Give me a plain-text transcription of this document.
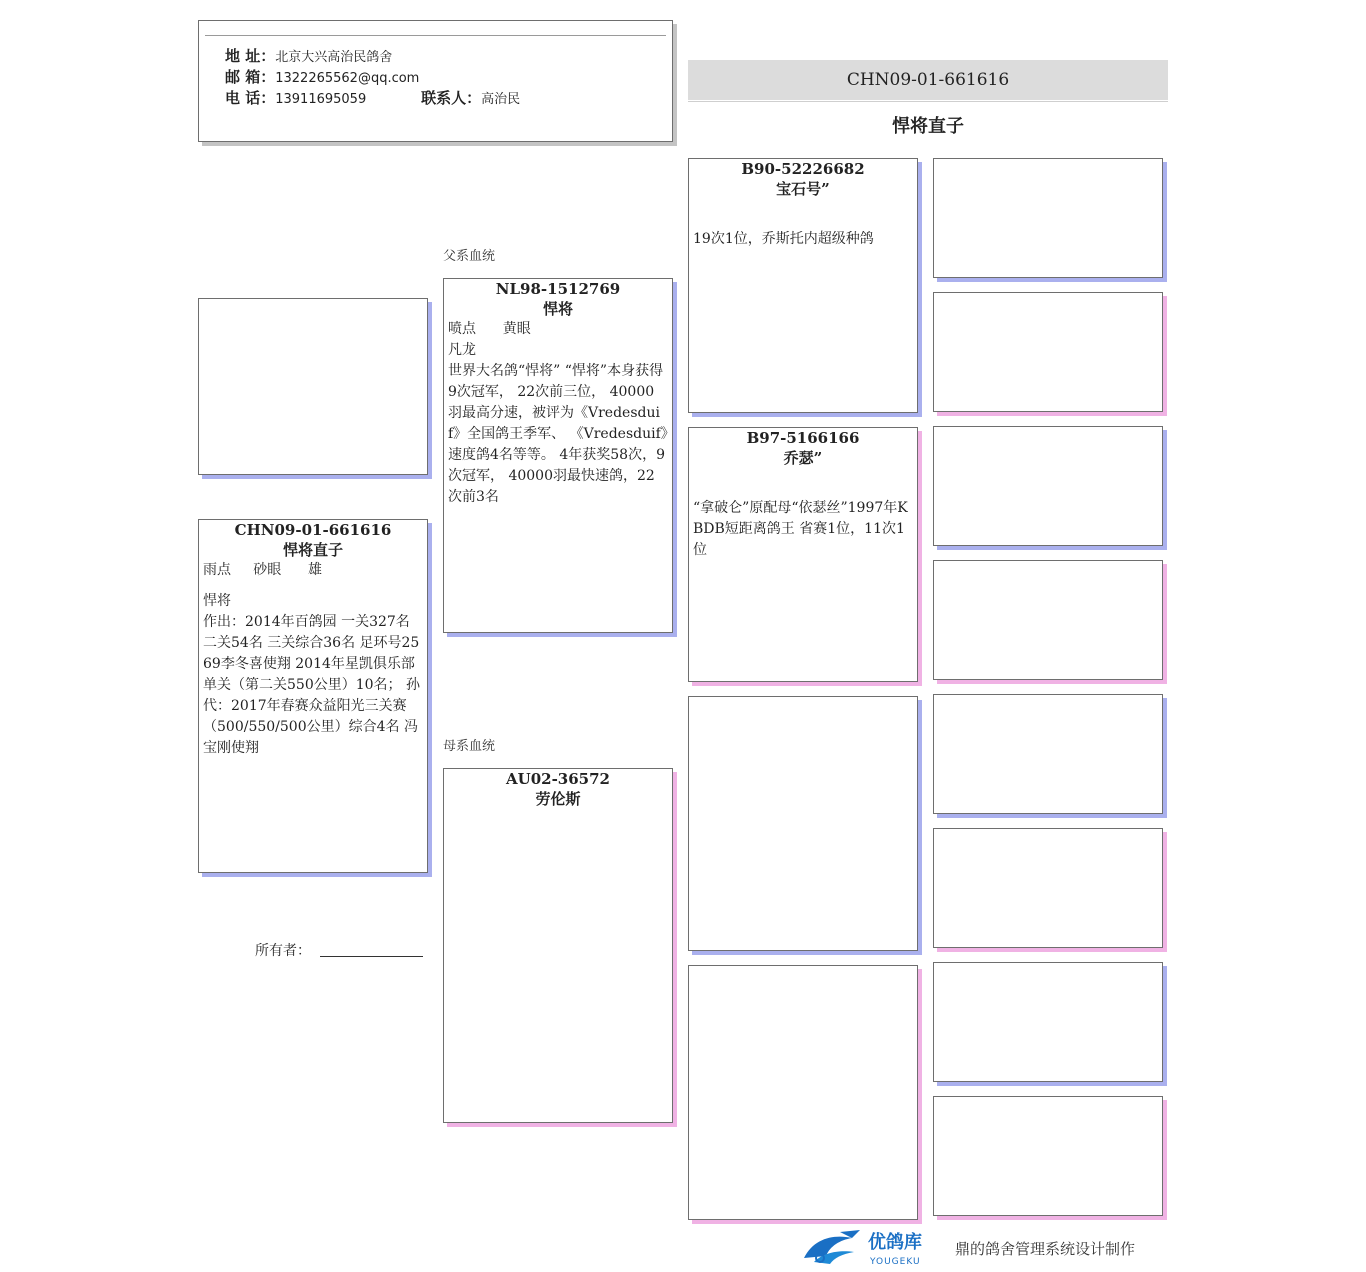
地 址：北京大兴高治民鸽舍
邮 箱：1322265562@qq.com
电 话：13911695059	联系人：高治民
CHN09-01-661616
悍将直子
父系血统
母系血统
CHN09-01-661616
悍将直子
雨点     砂眼      雄
悍将
作出：2014年百鸽园 一关327名 二关54名 三关综合36名 足环号2569李冬喜使翔 2014年星凯俱乐部单关（第二关550公里）10名； 孙代：2017年春赛众益阳光三关赛（500/550/500公里）综合4名 冯宝刚使翔
NL98-1512769
悍将
喷点      黄眼
凡龙
世界大名鸽“悍将” “悍将”本身获得9次冠军， 22次前三位， 40000羽最高分速，被评为《Vredesduif》全国鸽王季军、 《Vredesduif》速度鸽4名等等。 4年获奖58次，9次冠军， 40000羽最快速鸽，22次前3名
AU02-36572
劳伦斯
B90-52226682
宝石号”
19次1位，乔斯托内超级种鸽
B97-5166166
乔瑟”
“拿破仑”原配母“依瑟丝”1997年KBDB短距离鸽王 省赛1位，11次1位
所有者：
优鸽库
YOUGEKU
鼎的鸽舍管理系统设计制作
